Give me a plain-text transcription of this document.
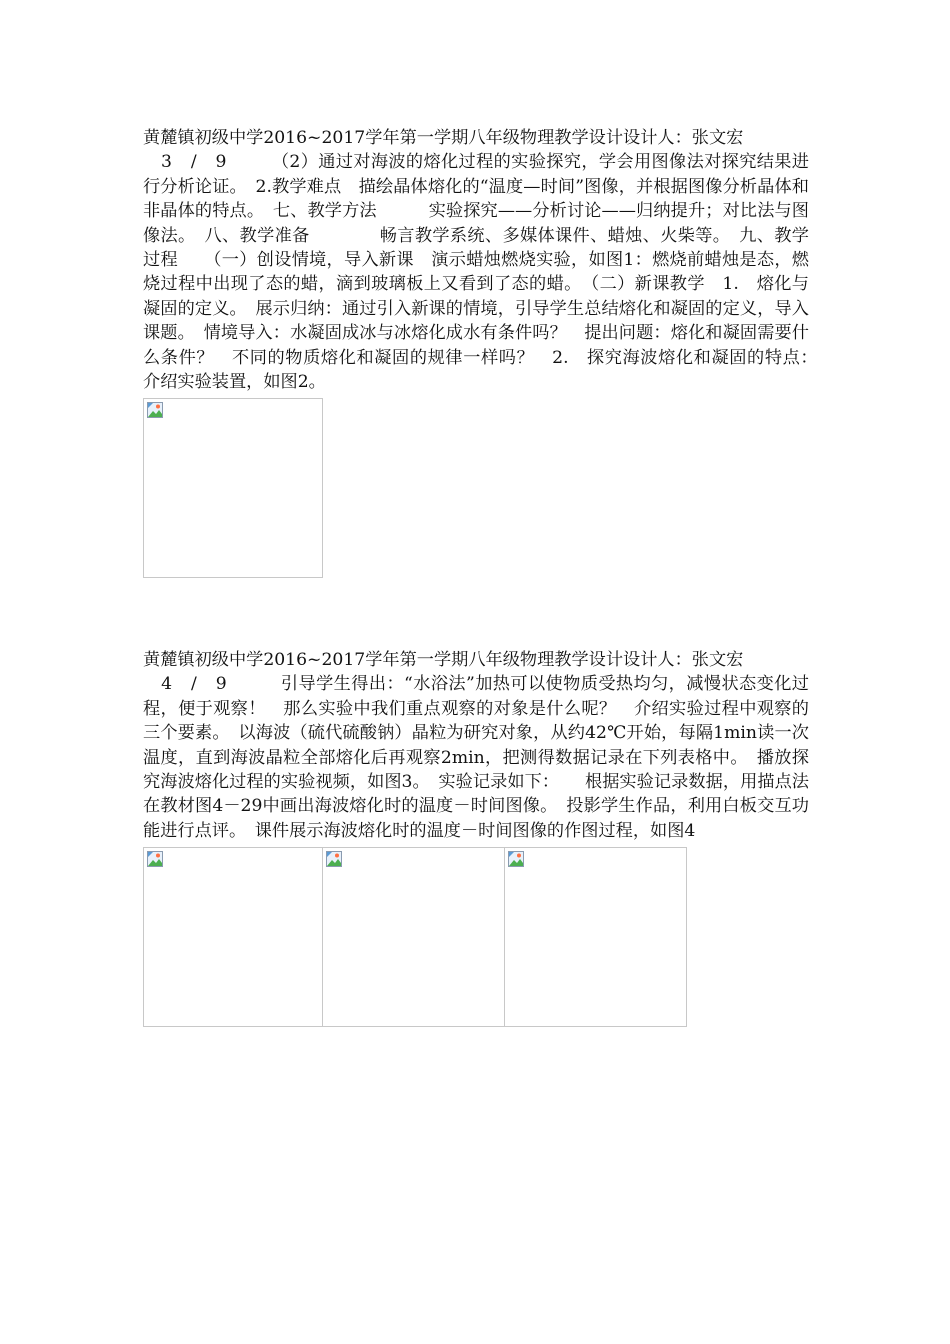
黄麓镇初级中学2016~2017学年第一学期八年级物理教学设计设计人：张文宏
　3　/　9　　　（2）通过对海波的熔化过程的实验探究，学会用图像法对探究结果进行分析论证。　2.教学难点　描绘晶体熔化的“温度—时间”图像，并根据图像分析晶体和非晶体的特点。　七、教学方法　　　实验探究——分析讨论——归纳提升；对比法与图像法。　八、教学准备　　　　畅言教学系统、多媒体课件、蜡烛、火柴等。　九、教学过程　　（一）创设情境，导入新课　演示蜡烛燃烧实验，如图1：燃烧前蜡烛是态，燃烧过程中出现了态的蜡，滴到玻璃板上又看到了态的蜡。　（二）新课教学　1.　熔化与凝固的定义。　展示归纳：通过引入新课的情境，引导学生总结熔化和凝固的定义，导入课题。　情境导入：水凝固成冰与冰熔化成水有条件吗？　提出问题：熔化和凝固需要什么条件？　不同的物质熔化和凝固的规律一样吗？　2.　探究海波熔化和凝固的特点：　　介绍实验装置，如图2。

黄麓镇初级中学2016~2017学年第一学期八年级物理教学设计设计人：张文宏
　4　/　9　　　引导学生得出：“水浴法”加热可以使物质受热均匀，减慢状态变化过程，便于观察！　那么实验中我们重点观察的对象是什么呢？　介绍实验过程中观察的三个要素。　以海波（硫代硫酸钠）晶粒为研究对象，从约42℃开始，每隔1min读一次温度，直到海波晶粒全部熔化后再观察2min，把测得数据记录在下列表格中。　播放探究海波熔化过程的实验视频，如图3。　实验记录如下：　　根据实验记录数据，用描点法在教材图4－29中画出海波熔化时的温度－时间图像。　投影学生作品，利用白板交互功能进行点评。　课件展示海波熔化时的温度－时间图像的作图过程，如图4
